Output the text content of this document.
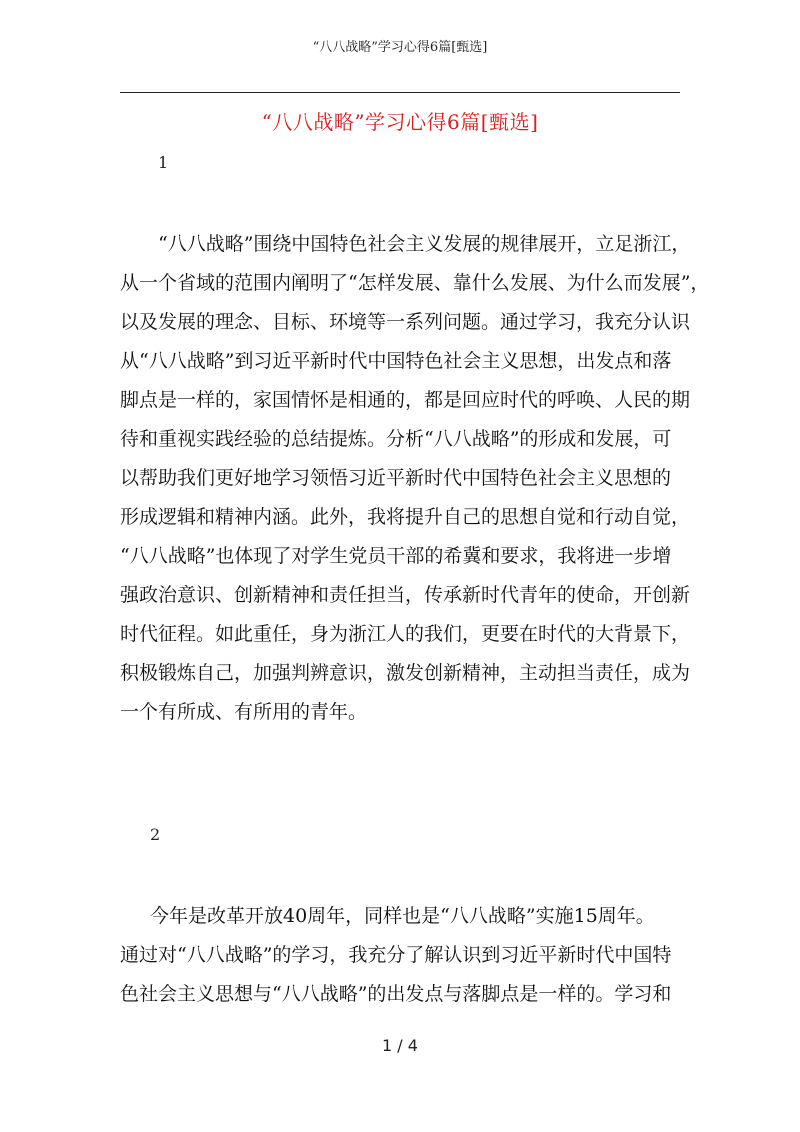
“八八战略”学习心得6篇[甄选]
“八八战略”学习心得6篇[甄选]
1
“八八战略”围绕中国特色社会主义发展的规律展开，立足浙江，
从一个省域的范围内阐明了“怎样发展、靠什么发展、为什么而发展”，
以及发展的理念、目标、环境等一系列问题。通过学习，我充分认识
从“八八战略”到习近平新时代中国特色社会主义思想，出发点和落
脚点是一样的，家国情怀是相通的，都是回应时代的呼唤、人民的期
待和重视实践经验的总结提炼。分析“八八战略”的形成和发展，可
以帮助我们更好地学习领悟习近平新时代中国特色社会主义思想的
形成逻辑和精神内涵。此外，我将提升自己的思想自觉和行动自觉，
“八八战略”也体现了对学生党员干部的希冀和要求，我将进一步增
强政治意识、创新精神和责任担当，传承新时代青年的使命，开创新
时代征程。如此重任，身为浙江人的我们，更要在时代的大背景下，
积极锻炼自己，加强判辨意识，激发创新精神，主动担当责任，成为
一个有所成、有所用的青年。
2
今年是改革开放40周年，同样也是“八八战略”实施15周年。
通过对“八八战略”的学习，我充分了解认识到习近平新时代中国特
色社会主义思想与“八八战略”的出发点与落脚点是一样的。学习和
1 / 4
